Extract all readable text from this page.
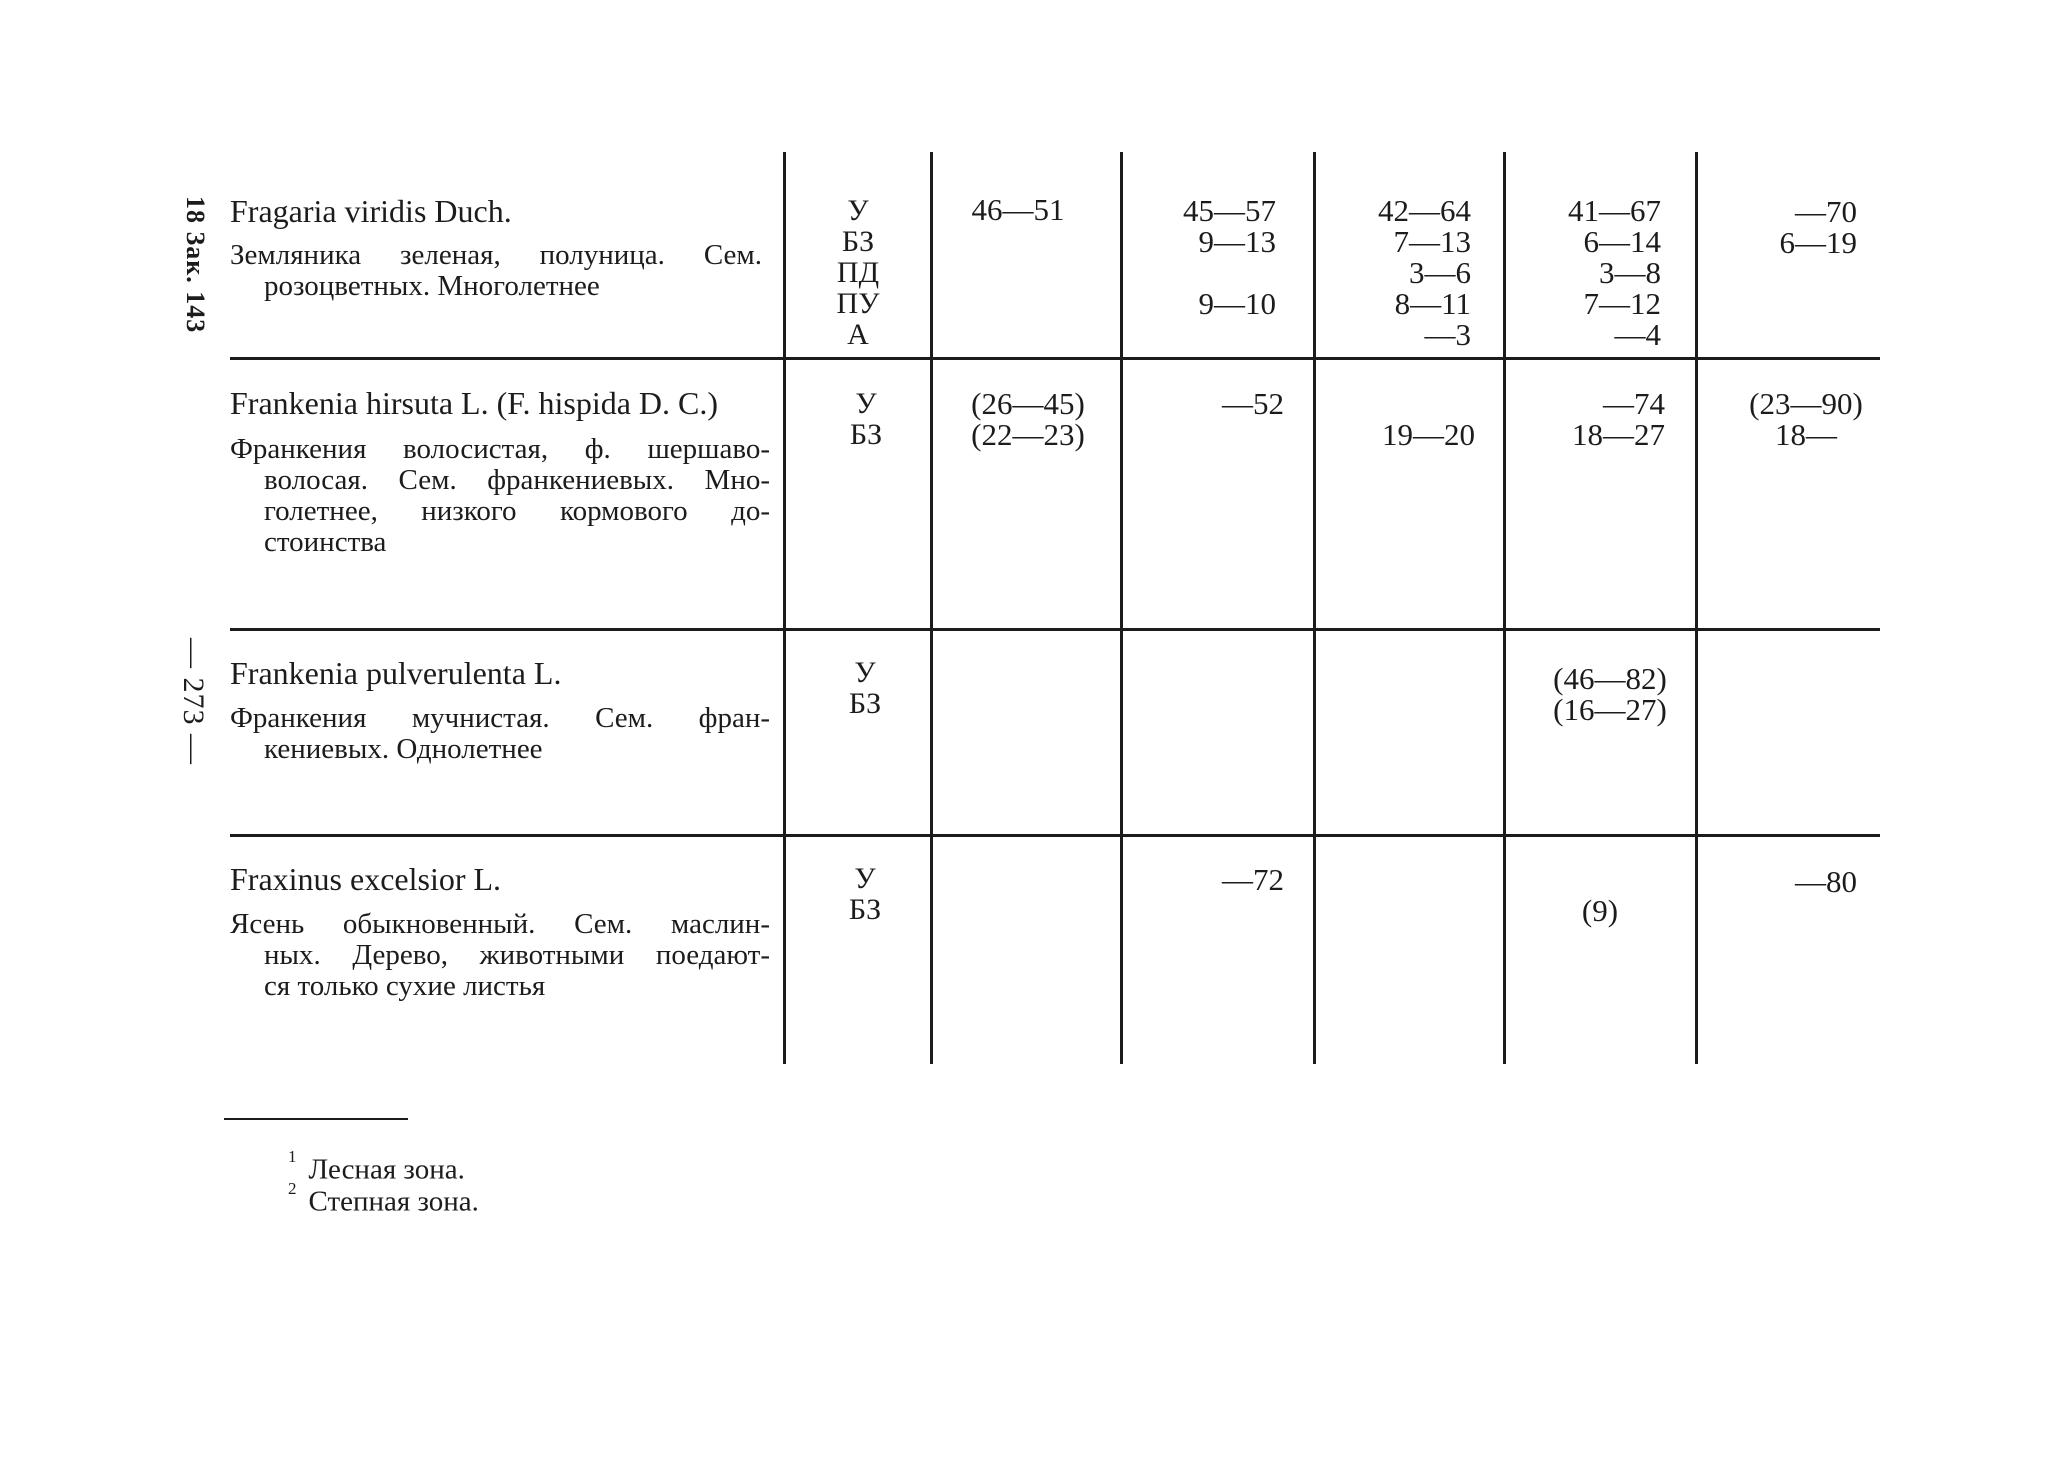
18 Зак. 143
— 273 —
Fragaria viridis Duch.
Земляника зеленая, полуница. Сем.
розоцветных. Многолетнее
У
БЗ
ПД
ПУ
А
46—51	45—57
9—13

9—10
42—64
7—13
3—6
8—11
—3
41—67
6—14
3—8
7—12
—4
—70
6—19
Frankenia hirsuta L. (F. hispida D. C.)
Франкения волосистая, ф. шершаво-
волосая. Сем. франкениевых. Мно-
голетнее, низкого кормового до-
стоинства
У
БЗ
(26—45)
(22—23)
—52

19—20
—74
18—27
(23—90)
18—
Frankenia pulverulenta L.
Франкения мучнистая. Сем. фран-
кениевых. Однолетнее
У
БЗ
(46—82)
(16—27)
Fraxinus excelsior L.
Ясень обыкновенный. Сем. маслин-
ных. Дерево, животными поедают-
ся только сухие листья
У
БЗ
—72
(9)
—80
$^1$ Лесная зона.
$^2$ Степная зона.
